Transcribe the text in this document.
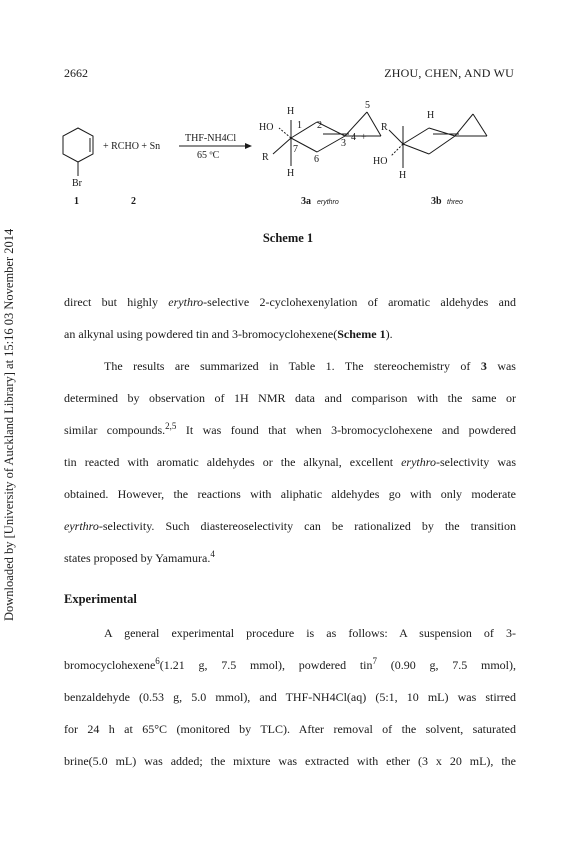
2662	ZHOU, CHEN, AND WU
Downloaded by [University of Auckland Library] at 15:16 03 November 2014
Br
+ RCHO + Sn
THF-NH4Cl
65 ºC
H
HO
R
H
1 2
3
4
5
6
7
+
H
R
HO
H
1	2	3a erythro	3b threo
Scheme 1
direct but highly erythro-selective 2-cyclohexenylation of aromatic aldehydes and
an alkynal using powdered tin and 3-bromocyclohexene(Scheme 1).
The results are summarized in Table 1. The stereochemistry of 3 was
determined by observation of 1H NMR data and comparison with the same or
similar compounds.$^{2,5}$ It was found that when 3-bromocyclohexene and powdered
tin reacted with aromatic aldehydes or the alkynal, excellent erythro-selectivity was
obtained. However, the reactions with aliphatic aldehydes go with only moderate
eyrthro-selectivity. Such diastereoselectivity can be rationalized by the transition
states proposed by Yamamura.$^4$
Experimental
A general experimental procedure is as follows: A suspension of 3-
bromocyclohexene$^6$(1.21 g, 7.5 mmol), powdered tin$^7$ (0.90 g, 7.5 mmol),
benzaldehyde (0.53 g, 5.0 mmol), and THF-NH4Cl(aq) (5:1, 10 mL) was stirred
for 24 h at 65°C (monitored by TLC). After removal of the solvent, saturated
brine(5.0 mL) was added; the mixture was extracted with ether (3 x 20 mL), the
